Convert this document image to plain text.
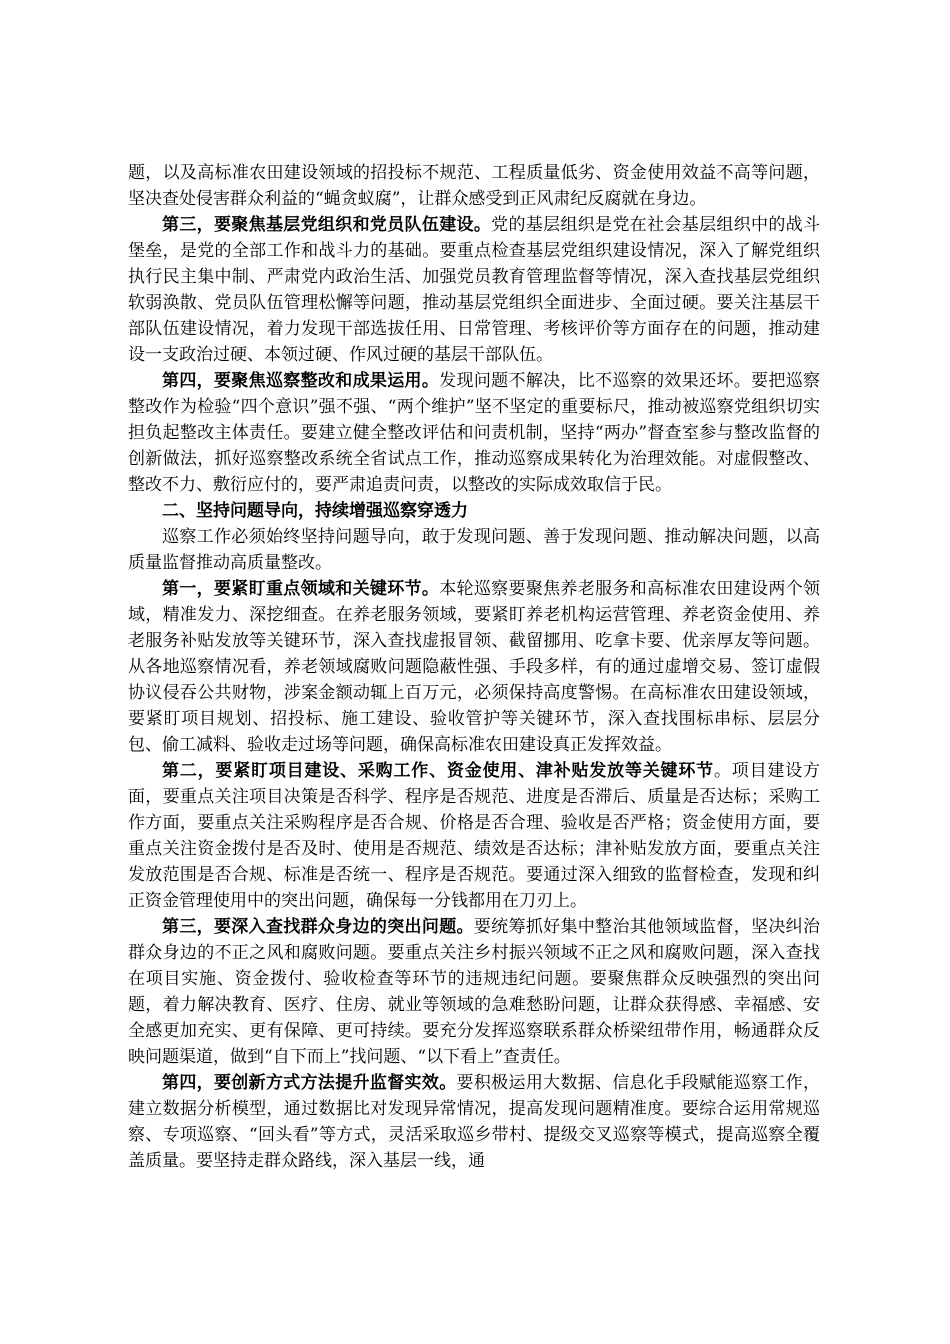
题，以及高标准农田建设领域的招投标不规范、工程质量低劣、资金使用效益不高等问题，坚决查处侵害群众利益的“蝇贪蚁腐”，让群众感受到正风肃纪反腐就在身边。

第三，要聚焦基层党组织和党员队伍建设。党的基层组织是党在社会基层组织中的战斗堡垒，是党的全部工作和战斗力的基础。要重点检查基层党组织建设情况，深入了解党组织执行民主集中制、严肃党内政治生活、加强党员教育管理监督等情况，深入查找基层党组织软弱涣散、党员队伍管理松懈等问题，推动基层党组织全面进步、全面过硬。要关注基层干部队伍建设情况，着力发现干部选拔任用、日常管理、考核评价等方面存在的问题，推动建设一支政治过硬、本领过硬、作风过硬的基层干部队伍。

第四，要聚焦巡察整改和成果运用。发现问题不解决，比不巡察的效果还坏。要把巡察整改作为检验“四个意识”强不强、“两个维护”坚不坚定的重要标尺，推动被巡察党组织切实担负起整改主体责任。要建立健全整改评估和问责机制，坚持“两办”督查室参与整改监督的创新做法，抓好巡察整改系统全省试点工作，推动巡察成果转化为治理效能。对虚假整改、整改不力、敷衍应付的，要严肃追责问责，以整改的实际成效取信于民。

二、坚持问题导向，持续增强巡察穿透力

巡察工作必须始终坚持问题导向，敢于发现问题、善于发现问题、推动解决问题，以高质量监督推动高质量整改。

第一，要紧盯重点领域和关键环节。本轮巡察要聚焦养老服务和高标准农田建设两个领域，精准发力、深挖细查。在养老服务领域，要紧盯养老机构运营管理、养老资金使用、养老服务补贴发放等关键环节，深入查找虚报冒领、截留挪用、吃拿卡要、优亲厚友等问题。从各地巡察情况看，养老领域腐败问题隐蔽性强、手段多样，有的通过虚增交易、签订虚假协议侵吞公共财物，涉案金额动辄上百万元，必须保持高度警惕。在高标准农田建设领域，要紧盯项目规划、招投标、施工建设、验收管护等关键环节，深入查找围标串标、层层分包、偷工减料、验收走过场等问题，确保高标准农田建设真正发挥效益。

第二，要紧盯项目建设、采购工作、资金使用、津补贴发放等关键环节。项目建设方面，要重点关注项目决策是否科学、程序是否规范、进度是否滞后、质量是否达标；采购工作方面，要重点关注采购程序是否合规、价格是否合理、验收是否严格；资金使用方面，要重点关注资金拨付是否及时、使用是否规范、绩效是否达标；津补贴发放方面，要重点关注发放范围是否合规、标准是否统一、程序是否规范。要通过深入细致的监督检查，发现和纠正资金管理使用中的突出问题，确保每一分钱都用在刀刃上。

第三，要深入查找群众身边的突出问题。要统筹抓好集中整治其他领域监督，坚决纠治群众身边的不正之风和腐败问题。要重点关注乡村振兴领域不正之风和腐败问题，深入查找在项目实施、资金拨付、验收检查等环节的违规违纪问题。要聚焦群众反映强烈的突出问题，着力解决教育、医疗、住房、就业等领域的急难愁盼问题，让群众获得感、幸福感、安全感更加充实、更有保障、更可持续。要充分发挥巡察联系群众桥梁纽带作用，畅通群众反映问题渠道，做到“自下而上”找问题、“以下看上”查责任。

第四，要创新方式方法提升监督实效。要积极运用大数据、信息化手段赋能巡察工作，建立数据分析模型，通过数据比对发现异常情况，提高发现问题精准度。要综合运用常规巡察、专项巡察、“回头看”等方式，灵活采取巡乡带村、提级交叉巡察等模式，提高巡察全覆盖质量。要坚持走群众路线，深入基层一线，通
